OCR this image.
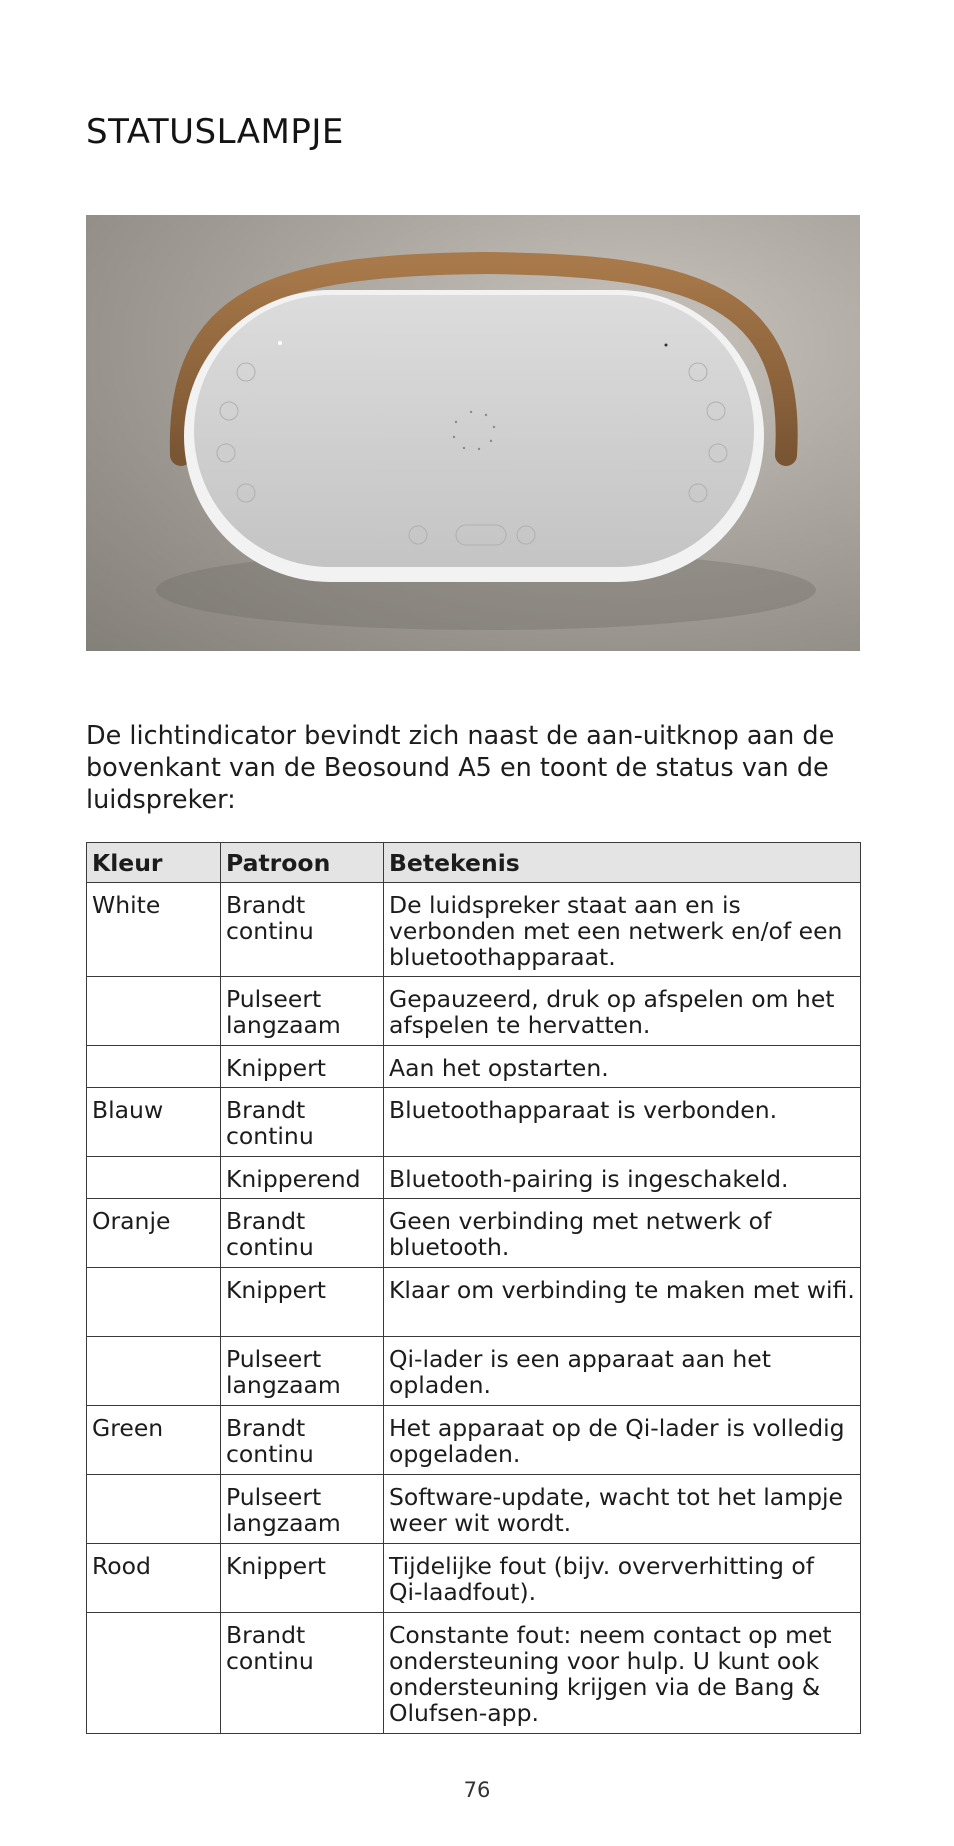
STATUSLAMPJE

De lichtindicator bevindt zich naast de aan-uitknop aan de bovenkant van de Beosound A5 en toont de status van de luidspreker:

Kleur	Patroon	Betekenis
White	Brandt continu	De luidspreker staat aan en is verbonden met een netwerk en/of een bluetoothapparaat.
	Pulseert langzaam	Gepauzeerd, druk op afspelen om het afspelen te hervatten.
	Knippert	Aan het opstarten.
Blauw	Brandt continu	Bluetoothapparaat is verbonden.
	Knipperend	Bluetooth-pairing is ingeschakeld.
Oranje	Brandt continu	Geen verbinding met netwerk of bluetooth.
	Knippert	Klaar om verbinding te maken met wifi.
	Pulseert langzaam	Qi-lader is een apparaat aan het opladen.
Green	Brandt continu	Het apparaat op de Qi-lader is volledig opgeladen.
	Pulseert langzaam	Software-update, wacht tot het lampje weer wit wordt.
Rood	Knippert	Tijdelijke fout (bijv. oververhitting of Qi-laadfout).
	Brandt continu	Constante fout: neem contact op met ondersteuning voor hulp. U kunt ook ondersteuning krijgen via de Bang & Olufsen-app.
76
